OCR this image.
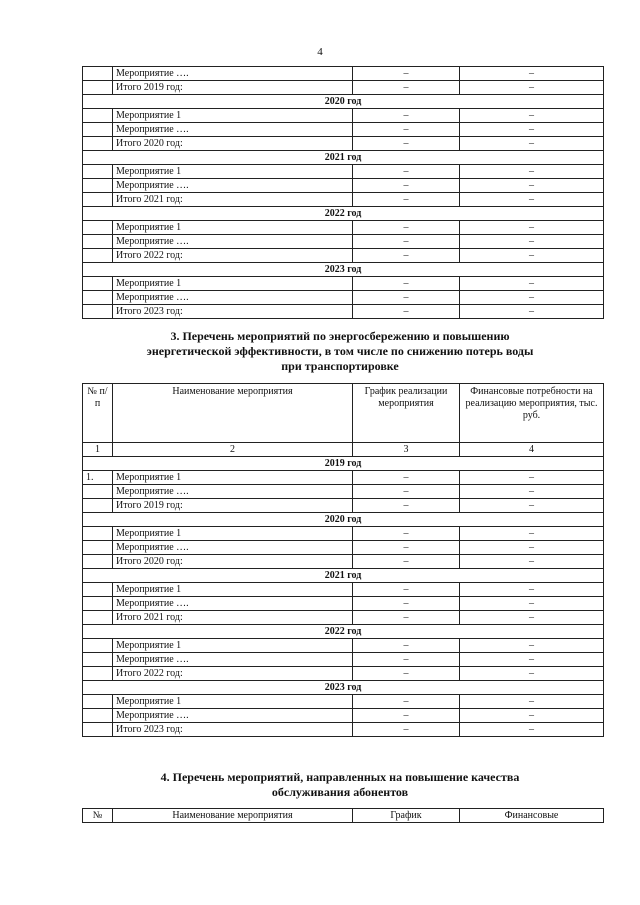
4
	Мероприятие ….	–	–
	Итого 2019 год:	–	–
2020 год			
	Мероприятие 1	–	–
	Мероприятие ….	–	–
	Итого 2020 год:	–	–
2021 год			
	Мероприятие 1	–	–
	Мероприятие ….	–	–
	Итого 2021 год:	–	–
2022 год			
	Мероприятие 1	–	–
	Мероприятие ….	–	–
	Итого 2022 год:	–	–
2023 год			
	Мероприятие 1	–	–
	Мероприятие ….	–	–
	Итого 2023 год:	–	–
3. Перечень мероприятий по энергосбережению и повышению
энергетической эффективности, в том числе по снижению потерь воды
при транспортировке
№ п/п	Наименование мероприятия	График реализации мероприятия	Финансовые потребности на реализацию мероприятия, тыс. руб.
1	2	3	4
2019 год			
1.	Мероприятие 1	–	–
	Мероприятие ….	–	–
	Итого 2019 год:	–	–
2020 год			
	Мероприятие 1	–	–
	Мероприятие ….	–	–
	Итого 2020 год:	–	–
2021 год			
	Мероприятие 1	–	–
	Мероприятие ….	–	–
	Итого 2021 год:	–	–
2022 год			
	Мероприятие 1	–	–
	Мероприятие ….	–	–
	Итого 2022 год:	–	–
2023 год			
	Мероприятие 1	–	–
	Мероприятие ….	–	–
	Итого 2023 год:	–	–
4. Перечень мероприятий, направленных на повышение качества
обслуживания абонентов
№	Наименование мероприятия	График	Финансовые
